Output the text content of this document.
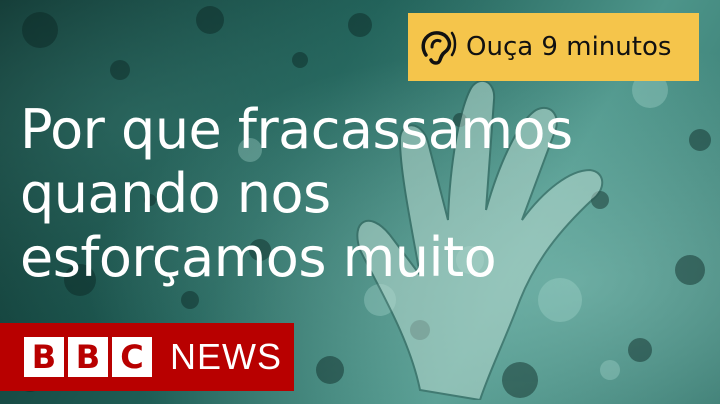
Ouça 9 minutos
Por que fracassamos
quando nos
esforçamos muito
B B C NEWS
